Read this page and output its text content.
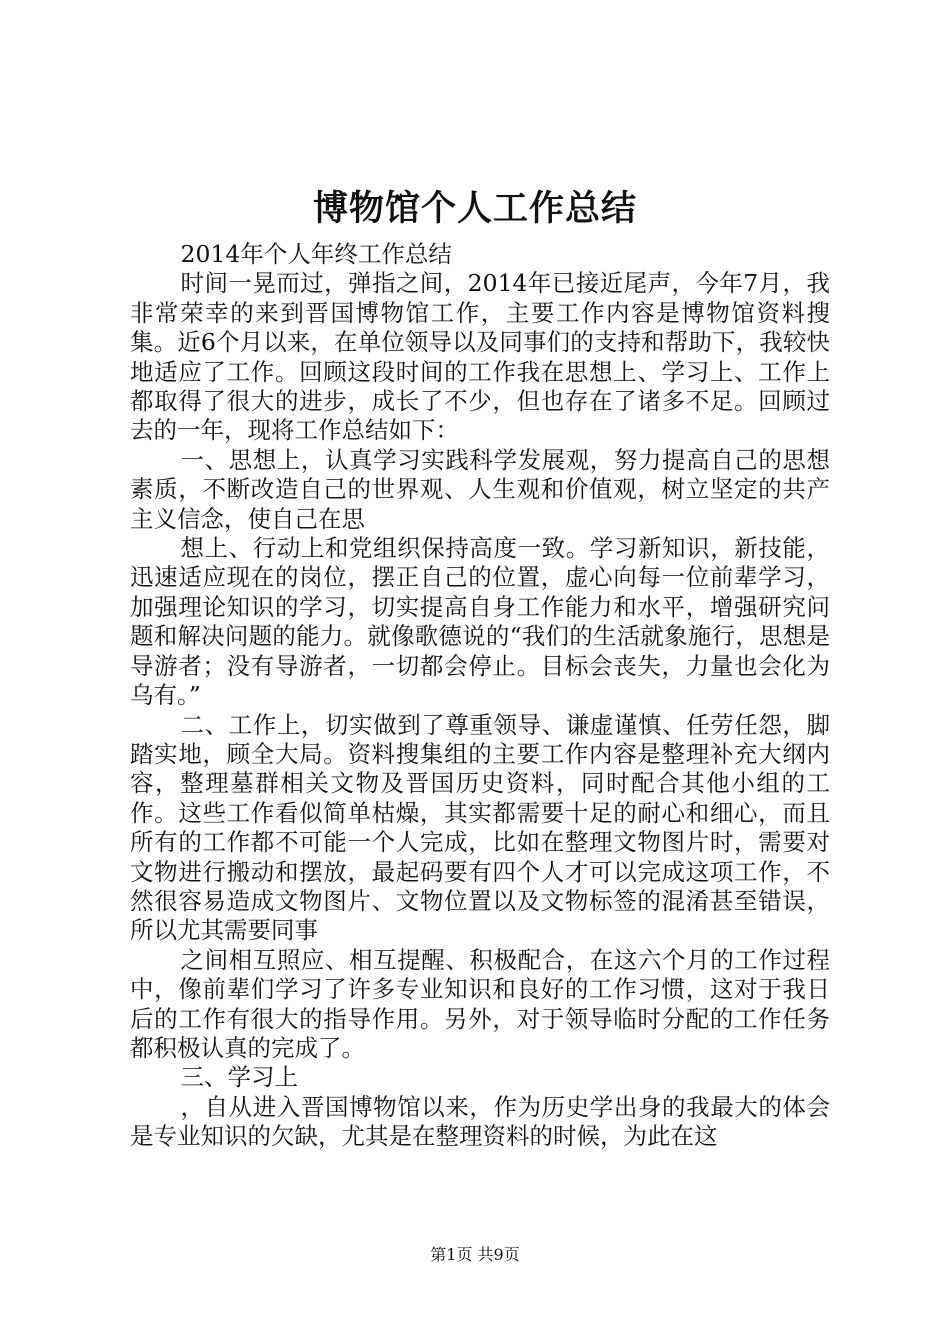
博物馆个人工作总结

2014年个人年终工作总结

时间一晃而过，弹指之间，2014年已接近尾声，今年7月，我非常荣幸的来到晋国博物馆工作，主要工作内容是博物馆资料搜集。近6个月以来，在单位领导以及同事们的支持和帮助下，我较快地适应了工作。回顾这段时间的工作我在思想上、学习上、工作上都取得了很大的进步，成长了不少，但也存在了诸多不足。回顾过去的一年，现将工作总结如下：

一、思想上，认真学习实践科学发展观，努力提高自己的思想素质，不断改造自己的世界观、人生观和价值观，树立坚定的共产主义信念，使自己在思

想上、行动上和党组织保持高度一致。学习新知识，新技能，迅速适应现在的岗位，摆正自己的位置，虚心向每一位前辈学习，加强理论知识的学习，切实提高自身工作能力和水平，增强研究问题和解决问题的能力。就像歌德说的“我们的生活就象施行，思想是导游者；没有导游者，一切都会停止。目标会丧失，力量也会化为乌有。”

二、工作上，切实做到了尊重领导、谦虚谨慎、任劳任怨，脚踏实地，顾全大局。资料搜集组的主要工作内容是整理补充大纲内容，整理墓群相关文物及晋国历史资料，同时配合其他小组的工作。这些工作看似简单枯燥，其实都需要十足的耐心和细心，而且所有的工作都不可能一个人完成，比如在整理文物图片时，需要对文物进行搬动和摆放，最起码要有四个人才可以完成这项工作，不然很容易造成文物图片、文物位置以及文物标签的混淆甚至错误，所以尤其需要同事

之间相互照应、相互提醒、积极配合，在这六个月的工作过程中，像前辈们学习了许多专业知识和良好的工作习惯，这对于我日后的工作有很大的指导作用。另外，对于领导临时分配的工作任务都积极认真的完成了。

三、学习上

，自从进入晋国博物馆以来，作为历史学出身的我最大的体会是专业知识的欠缺，尤其是在整理资料的时候，为此在这

第1页 共9页
